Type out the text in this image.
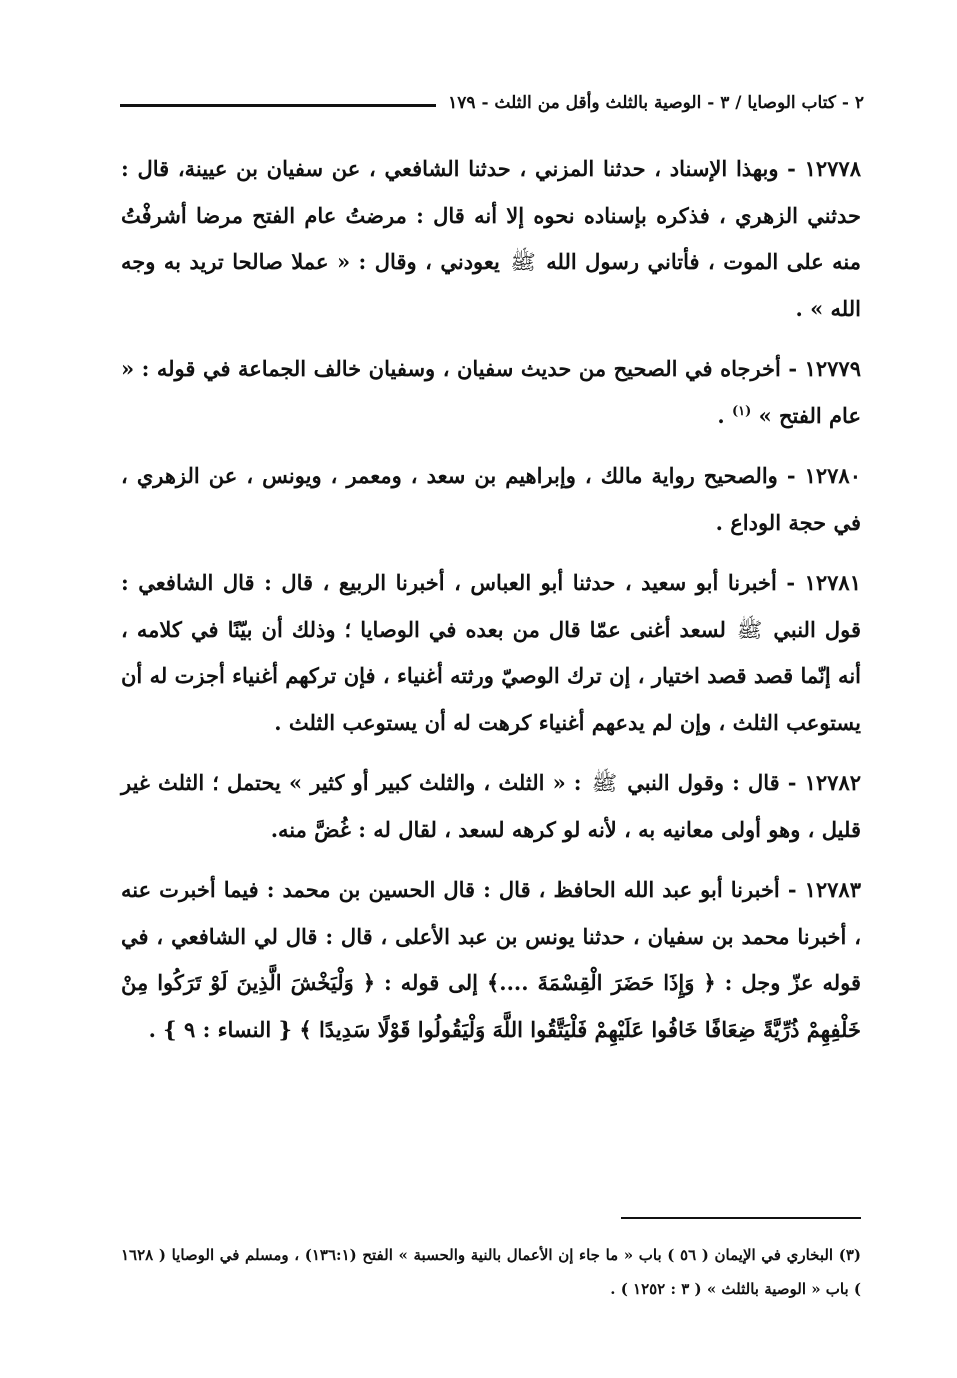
٢ - كتاب الوصايا / ٣ - الوصية بالثلث وأقل من الثلث - ١٧٩

١٢٧٧٨ - وبهذا الإسناد ، حدثنا المزني ، حدثنا الشافعي ، عن سفيان بن عيينة، قال : حدثني الزهري ، فذكره بإسناده نحوه إلا أنه قال : مرضتُ عام الفتح مرضا أشرفْتُ منه على الموت ، فأتاني رسول الله ﷺ يعودني ، وقال : « عملا صالحا تريد به وجه الله » .

١٢٧٧٩ - أخرجاه في الصحيح من حديث سفيان ، وسفيان خالف الجماعة في قوله : « عام الفتح » $^{(١)}$ .

١٢٧٨٠ - والصحيح رواية مالك ، وإبراهيم بن سعد ، ومعمر ، ويونس ، عن الزهري ، في حجة الوداع .

١٢٧٨١ - أخبرنا أبو سعيد ، حدثنا أبو العباس ، أخبرنا الربيع ، قال : قال الشافعي : قول النبي ﷺ لسعد أغنى عمّا قال من بعده في الوصايا ؛ وذلك أن بيّنًا في كلامه ، أنه إنّما قصد قصد اختيار ، إن ترك الوصيّ ورثته أغنياء ، فإن تركهم أغنياء أجزت له أن يستوعب الثلث ، وإن لم يدعهم أغنياء كرهت له أن يستوعب الثلث .

١٢٧٨٢ - قال : وقول النبي ﷺ : « الثلث ، والثلث كبير أو كثير » يحتمل ؛ الثلث غير قليل ، وهو أولى معانيه به ، لأنه لو كرهه لسعد ، لقال له : غُضَّ منه.

١٢٧٨٣ - أخبرنا أبو عبد الله الحافظ ، قال : قال الحسين بن محمد : فيما أخبرت عنه ، أخبرنا محمد بن سفيان ، حدثنا يونس بن عبد الأعلى ، قال : قال لي الشافعي ، في قوله عزّ وجل : ﴿ وَإِذَا حَضَرَ الْقِسْمَةَ ....﴾ إلى قوله : ﴿ وَلْيَخْشَ الَّذِينَ لَوْ تَرَكُوا مِنْ خَلْفِهِمْ ذُرِّيَّةً ضِعَافًا خَافُوا عَلَيْهِمْ فَلْيَتَّقُوا اللَّهَ وَلْيَقُولُوا قَوْلًا سَدِيدًا ﴾ { النساء : ٩ } .

(٣) البخاري في الإيمان ( ٥٦ ) باب « ما جاء إن الأعمال بالنية والحسبة » الفتح (١٣٦:١) ، ومسلم في الوصايا ( ١٦٢٨ ) باب « الوصية بالثلث » ( ٣ : ١٢٥٢ ) .
